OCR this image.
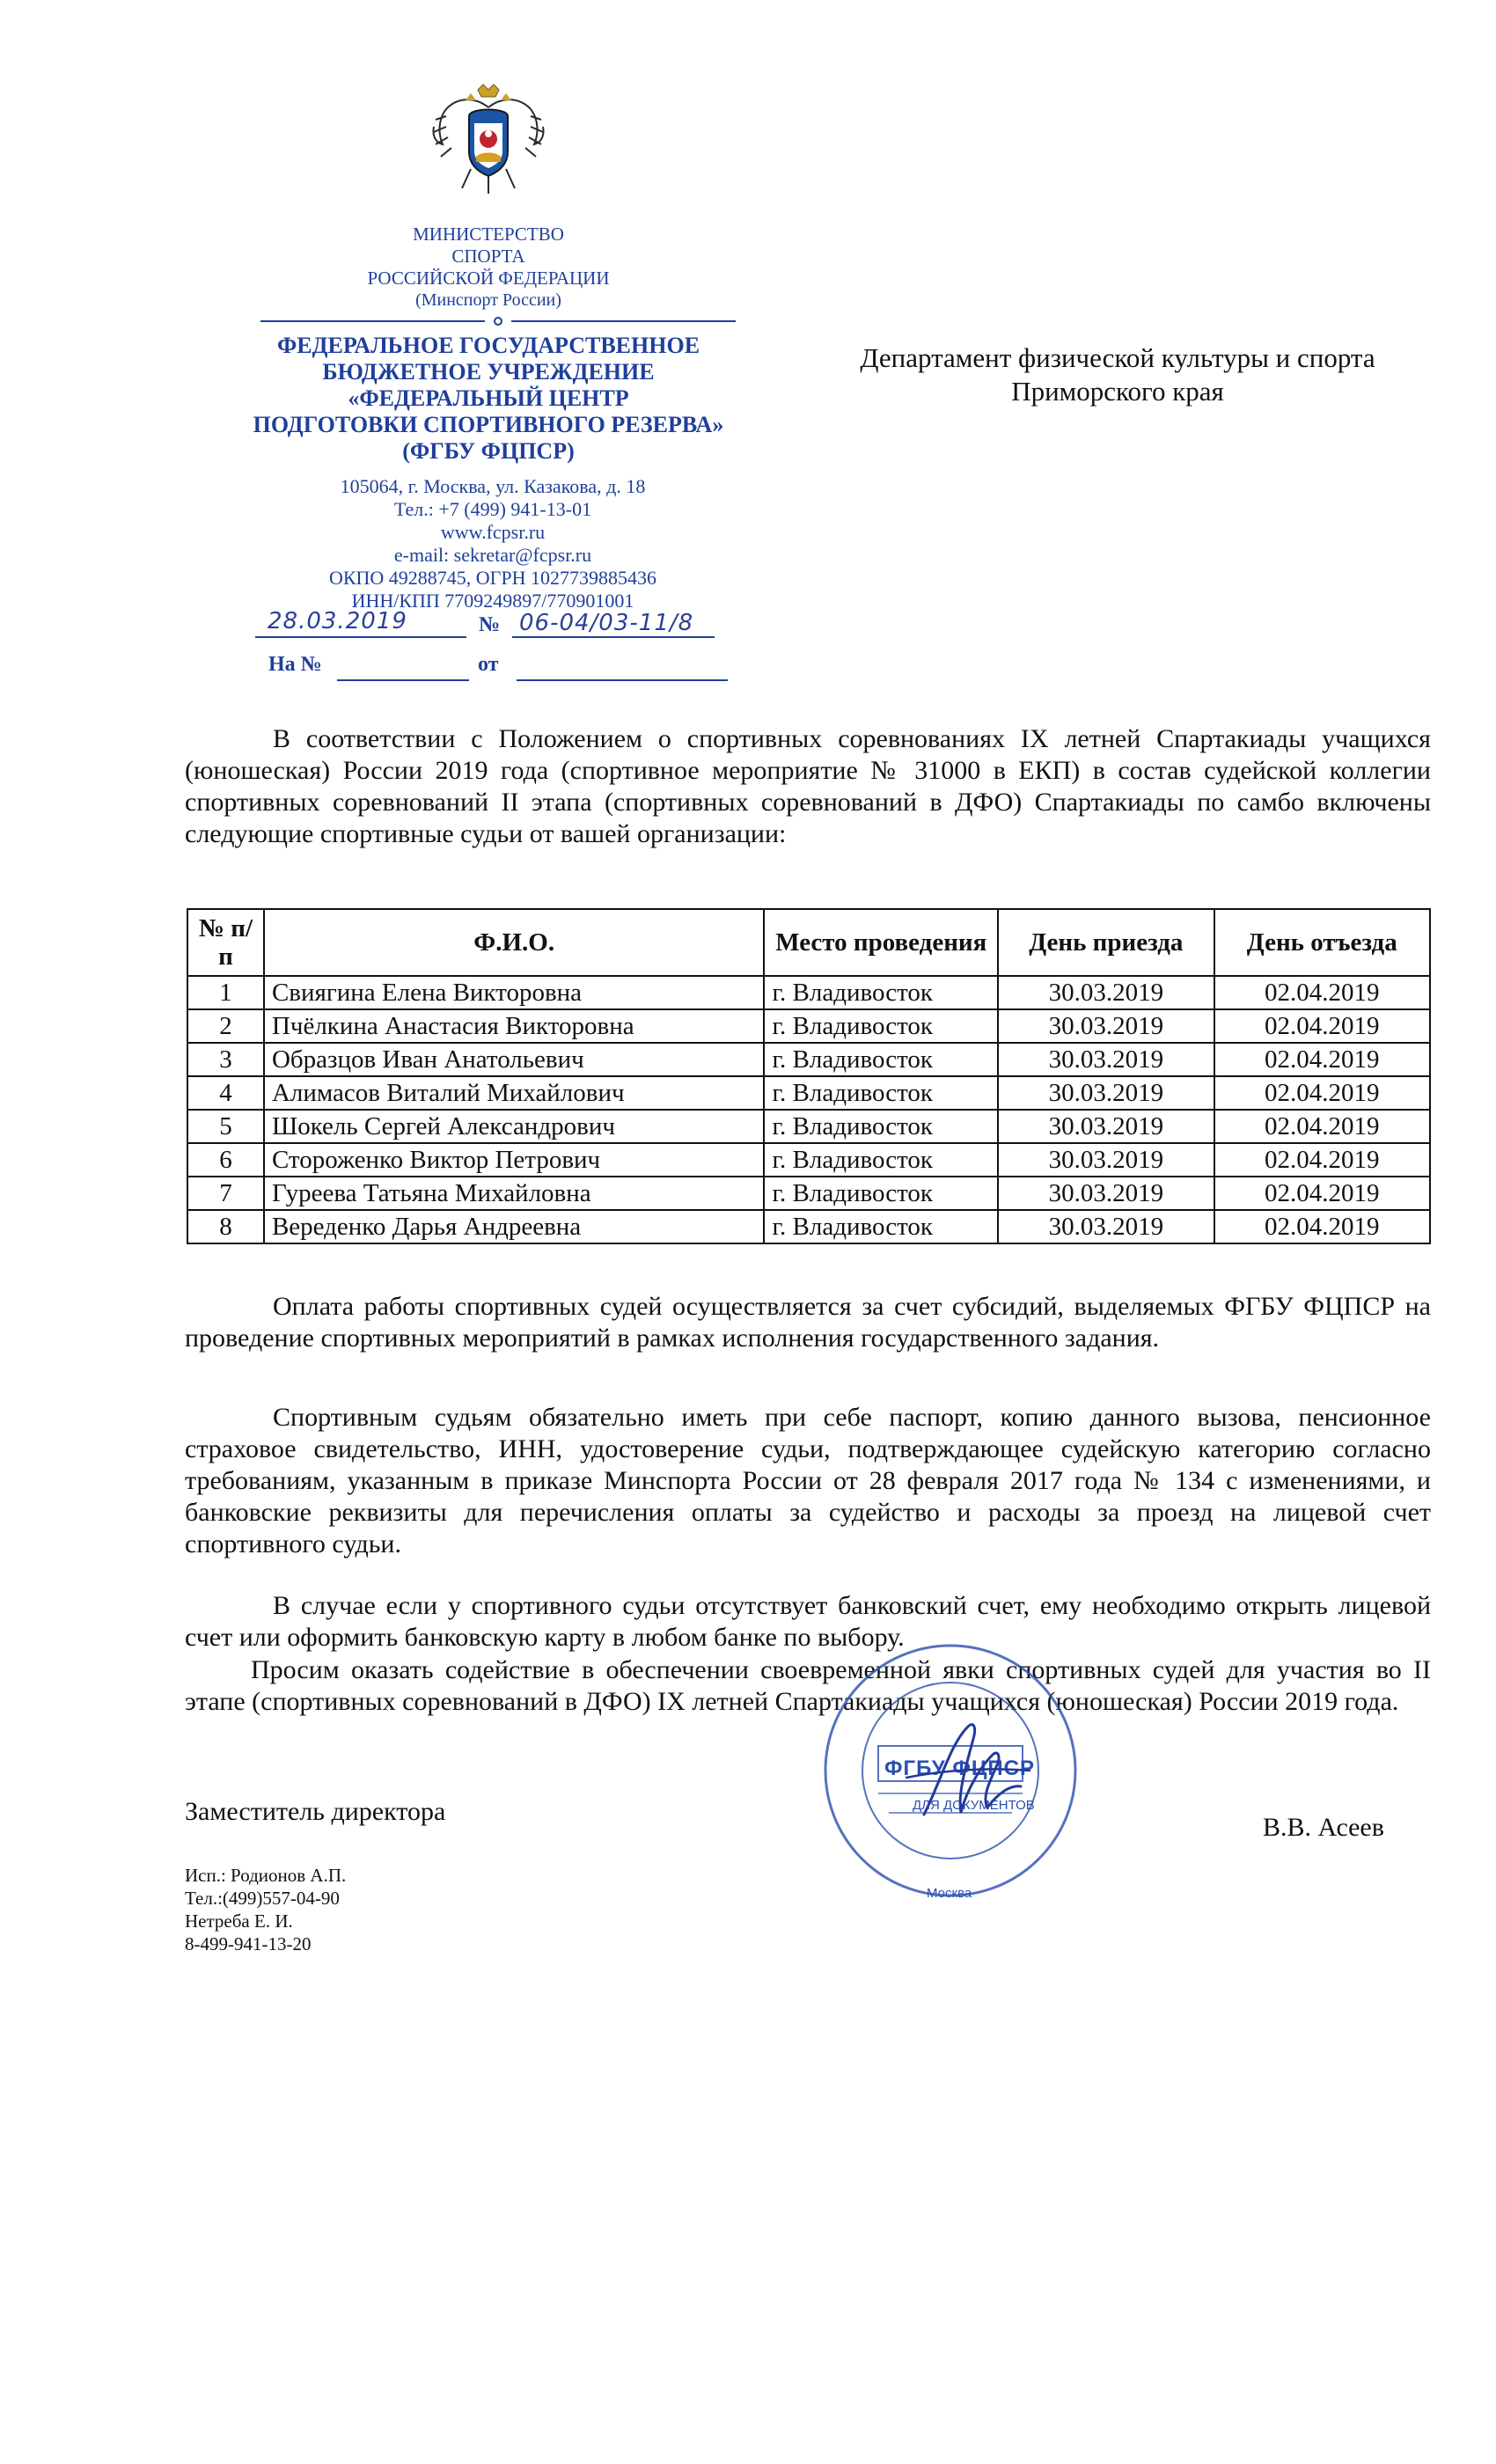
МИНИСТЕРСТВО
СПОРТА
РОССИЙСКОЙ ФЕДЕРАЦИИ
(Минспорт России)
ФЕДЕРАЛЬНОЕ ГОСУДАРСТВЕННОЕ
БЮДЖЕТНОЕ УЧРЕЖДЕНИЕ
«ФЕДЕРАЛЬНЫЙ ЦЕНТР
ПОДГОТОВКИ СПОРТИВНОГО РЕЗЕРВА»
(ФГБУ ФЦПСР)
105064, г. Москва, ул. Казакова, д. 18
Тел.: +7 (499) 941-13-01
www.fcpsr.ru
e-mail: sekretar@fcpsr.ru
ОКПО 49288745, ОГРН 1027739885436
ИНН/КПП 7709249897/770901001
28.03.2019	№ 06-04/03-11/8
На №	от
Департамент физической культуры и спорта
Приморского края

В соответствии с Положением о спортивных соревнованиях IX летней Спартакиады учащихся (юношеская) России 2019 года (спортивное мероприятие № 31000 в ЕКП) в состав судейской коллегии спортивных соревнований II этапа (спортивных соревнований в ДФО) Спартакиады по самбо включены следующие спортивные судьи от вашей организации:

№ п/п	Ф.И.О.	Место проведения	День приезда	День отъезда
1	Свиягина Елена Викторовна	г. Владивосток	30.03.2019	02.04.2019
2	Пчёлкина Анастасия Викторовна	г. Владивосток	30.03.2019	02.04.2019
3	Образцов Иван Анатольевич	г. Владивосток	30.03.2019	02.04.2019
4	Алимасов Виталий Михайлович	г. Владивосток	30.03.2019	02.04.2019
5	Шокель Сергей Александрович	г. Владивосток	30.03.2019	02.04.2019
6	Стороженко Виктор Петрович	г. Владивосток	30.03.2019	02.04.2019
7	Гуреева Татьяна Михайловна	г. Владивосток	30.03.2019	02.04.2019
8	Вереденко Дарья Андреевна	г. Владивосток	30.03.2019	02.04.2019

Оплата работы спортивных судей осуществляется за счет субсидий, выделяемых ФГБУ ФЦПСР на проведение спортивных мероприятий в рамках исполнения государственного задания.

Спортивным судьям обязательно иметь при себе паспорт, копию данного вызова, пенсионное страховое свидетельство, ИНН, удостоверение судьи, подтверждающее судейскую категорию согласно требованиям, указанным в приказе Минспорта России от 28 февраля 2017 года № 134 с изменениями, и банковские реквизиты для перечисления оплаты за судейство и расходы за проезд на лицевой счет спортивного судьи.

В случае если у спортивного судьи отсутствует банковский счет, ему необходимо открыть лицевой счет или оформить банковскую карту в любом банке по выбору.

Просим оказать содействие в обеспечении своевременной явки спортивных судей для участия во II этапе (спортивных соревнований в ДФО) IX летней Спартакиады учащихся (юношеская) России 2019 года.

ФГБУ ФЦПСР
ДЛЯ ДОКУМЕНТОВ
Москва
Заместитель директора
В.В. Асеев
Исп.: Родионов А.П.
Тел.:(499)557-04-90
Нетреба Е. И.
8-499-941-13-20
